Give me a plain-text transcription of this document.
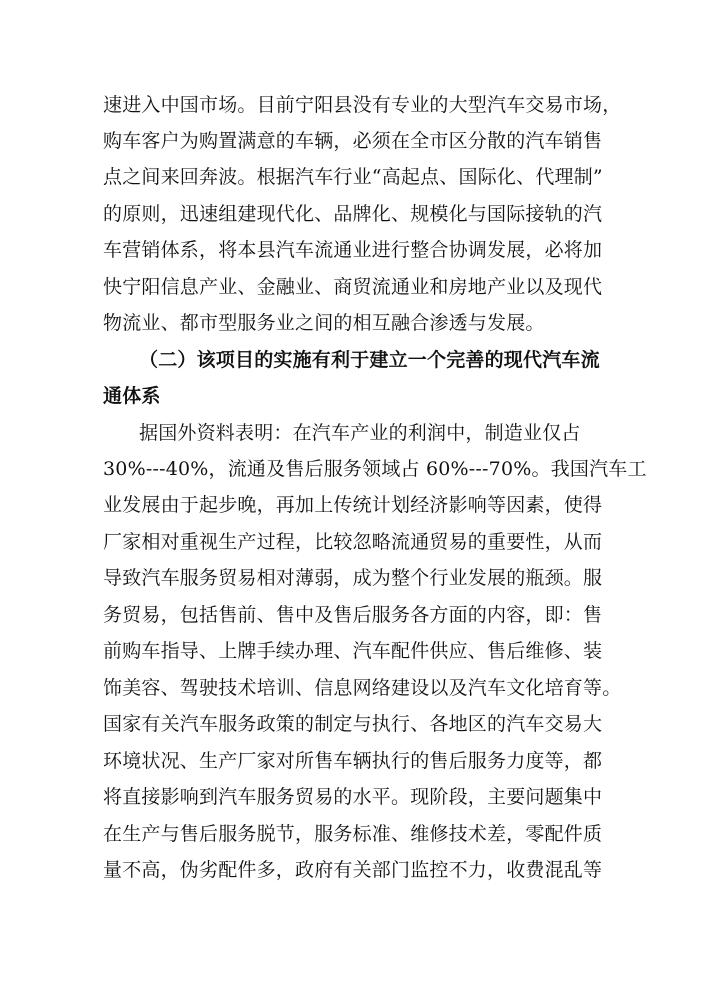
速进入中国市场。目前宁阳县没有专业的大型汽车交易市场，
购车客户为购置满意的车辆，必须在全市区分散的汽车销售
点之间来回奔波。根据汽车行业“高起点、国际化、代理制”
的原则，迅速组建现代化、品牌化、规模化与国际接轨的汽
车营销体系，将本县汽车流通业进行整合协调发展，必将加
快宁阳信息产业、金融业、商贸流通业和房地产业以及现代
物流业、都市型服务业之间的相互融合渗透与发展。
（二）该项目的实施有利于建立一个完善的现代汽车流
通体系
据国外资料表明：在汽车产业的利润中，制造业仅占
30%---40%，流通及售后服务领域占 60%---70%。我国汽车工
业发展由于起步晚，再加上传统计划经济影响等因素，使得
厂家相对重视生产过程，比较忽略流通贸易的重要性，从而
导致汽车服务贸易相对薄弱，成为整个行业发展的瓶颈。服
务贸易，包括售前、售中及售后服务各方面的内容，即：售
前购车指导、上牌手续办理、汽车配件供应、售后维修、装
饰美容、驾驶技术培训、信息网络建设以及汽车文化培育等。
国家有关汽车服务政策的制定与执行、各地区的汽车交易大
环境状况、生产厂家对所售车辆执行的售后服务力度等，都
将直接影响到汽车服务贸易的水平。现阶段，主要问题集中
在生产与售后服务脱节，服务标准、维修技术差，零配件质
量不高，伪劣配件多，政府有关部门监控不力，收费混乱等
